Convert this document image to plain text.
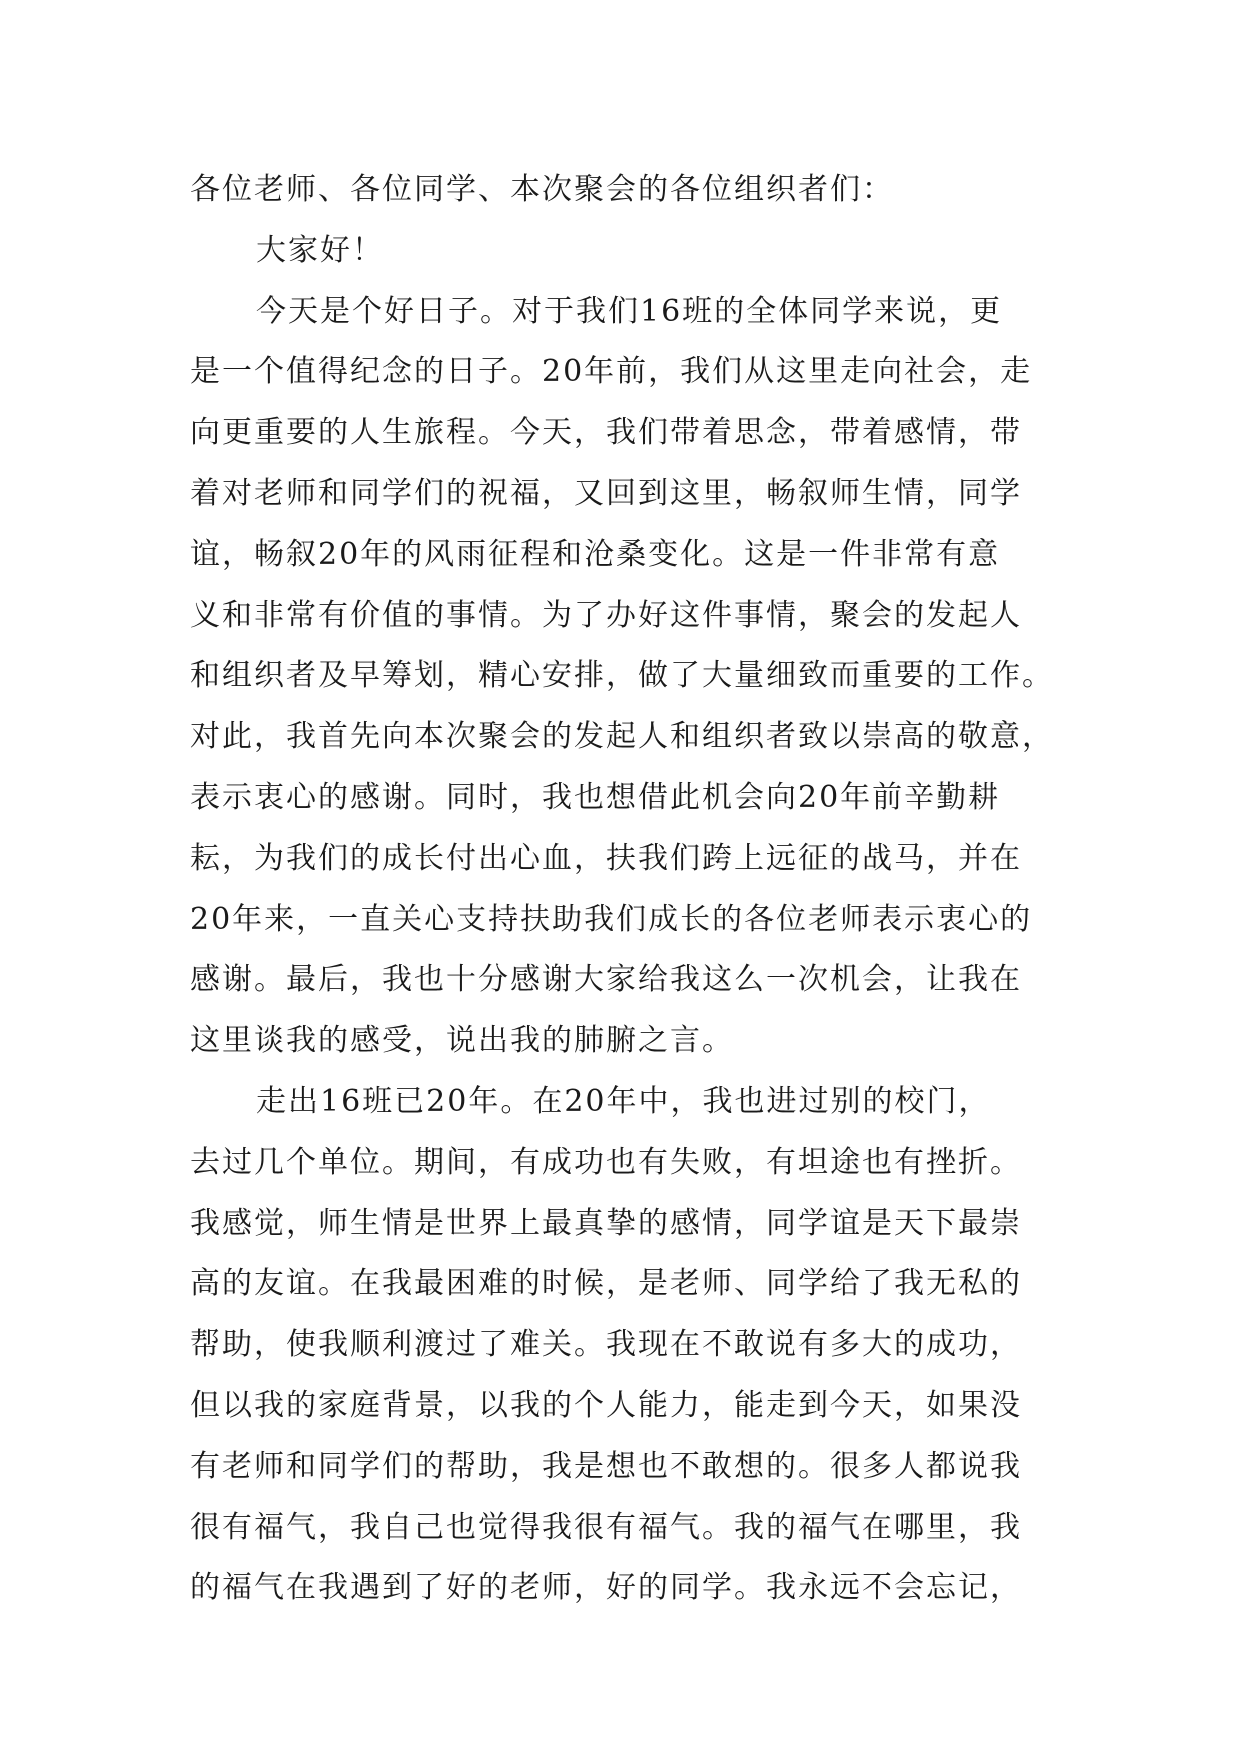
各位老师、各位同学、本次聚会的各位组织者们：
大家好！
今天是个好日子。对于我们16班的全体同学来说，更
是一个值得纪念的日子。20年前，我们从这里走向社会，走
向更重要的人生旅程。今天，我们带着思念，带着感情，带
着对老师和同学们的祝福，又回到这里，畅叙师生情，同学
谊，畅叙20年的风雨征程和沧桑变化。这是一件非常有意
义和非常有价值的事情。为了办好这件事情，聚会的发起人
和组织者及早筹划，精心安排，做了大量细致而重要的工作。
对此，我首先向本次聚会的发起人和组织者致以崇高的敬意，
表示衷心的感谢。同时，我也想借此机会向20年前辛勤耕
耘，为我们的成长付出心血，扶我们跨上远征的战马，并在
20年来，一直关心支持扶助我们成长的各位老师表示衷心的
感谢。最后，我也十分感谢大家给我这么一次机会，让我在
这里谈我的感受，说出我的肺腑之言。
走出16班已20年。在20年中，我也进过别的校门，
去过几个单位。期间，有成功也有失败，有坦途也有挫折。
我感觉，师生情是世界上最真挚的感情，同学谊是天下最崇
高的友谊。在我最困难的时候，是老师、同学给了我无私的
帮助，使我顺利渡过了难关。我现在不敢说有多大的成功，
但以我的家庭背景，以我的个人能力，能走到今天，如果没
有老师和同学们的帮助，我是想也不敢想的。很多人都说我
很有福气，我自己也觉得我很有福气。我的福气在哪里，我
的福气在我遇到了好的老师，好的同学。我永远不会忘记，
